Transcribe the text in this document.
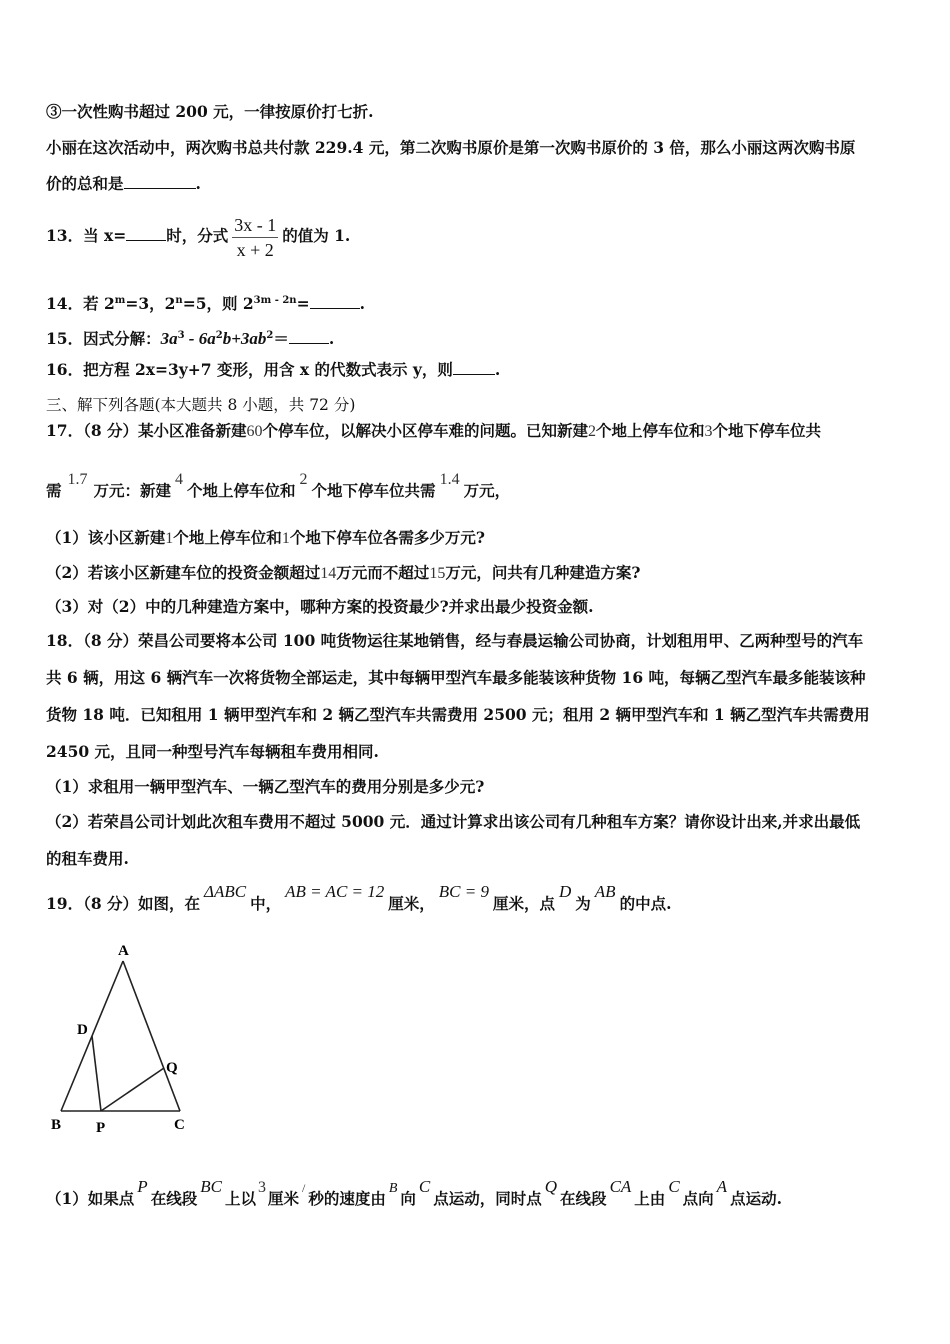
③一次性购书超过 200 元，一律按原价打七折.
小丽在这次活动中，两次购书总共付款 229.4 元，第二次购书原价是第一次购书原价的 3 倍，那么小丽这两次购书原
价的总和是	.
13．当 x=	时，分式 $\frac{3x - 1}{x + 2}$ 的值为 1.
14．若 $2^m=3$，$2^n=5$，则 $2^{3m - 2n}=$	.
15．因式分解：$3a^3 - 6a^2b+3ab^2=$	.
16．把方程 2x=3y+7 变形，用含 x 的代数式表示 y，则	.
三、解下列各题(本大题共 8 小题，共 72 分)
17．（8 分）某小区准备新建60个停车位，以解决小区停车难的问题。已知新建2个地上停车位和3个地下停车位共
需1.7万元：新建4个地上停车位和2个地下停车位共需1.4万元，
（1）该小区新建1个地上停车位和1个地下停车位各需多少万元?
（2）若该小区新建车位的投资金额超过14万元而不超过15万元，问共有几种建造方案?
（3）对（2）中的几种建造方案中，哪种方案的投资最少?并求出最少投资金额.
18．（8 分）荣昌公司要将本公司 100 吨货物运往某地销售，经与春晨运输公司协商，计划租用甲、乙两种型号的汽车
共 6 辆，用这 6 辆汽车一次将货物全部运走，其中每辆甲型汽车最多能装该种货物 16 吨，每辆乙型汽车最多能装该种
货物 18 吨．已知租用 1 辆甲型汽车和 2 辆乙型汽车共需费用 2500 元；租用 2 辆甲型汽车和 1 辆乙型汽车共需费用
2450 元，且同一种型号汽车每辆租车费用相同.
（1）求租用一辆甲型汽车、一辆乙型汽车的费用分别是多少元?
（2）若荣昌公司计划此次租车费用不超过 5000 元．通过计算求出该公司有几种租车方案？请你设计出来,并求出最低
的租车费用.
19．（8 分）如图，在ΔABC中，AB = AC = 12厘米，BC = 9厘米，点D为AB的中点.
A
D
Q
B P	C
（1）如果点P在线段BC上以3厘米/秒的速度由B向C点运动，同时点Q在线段CA上由C点向A点运动.
